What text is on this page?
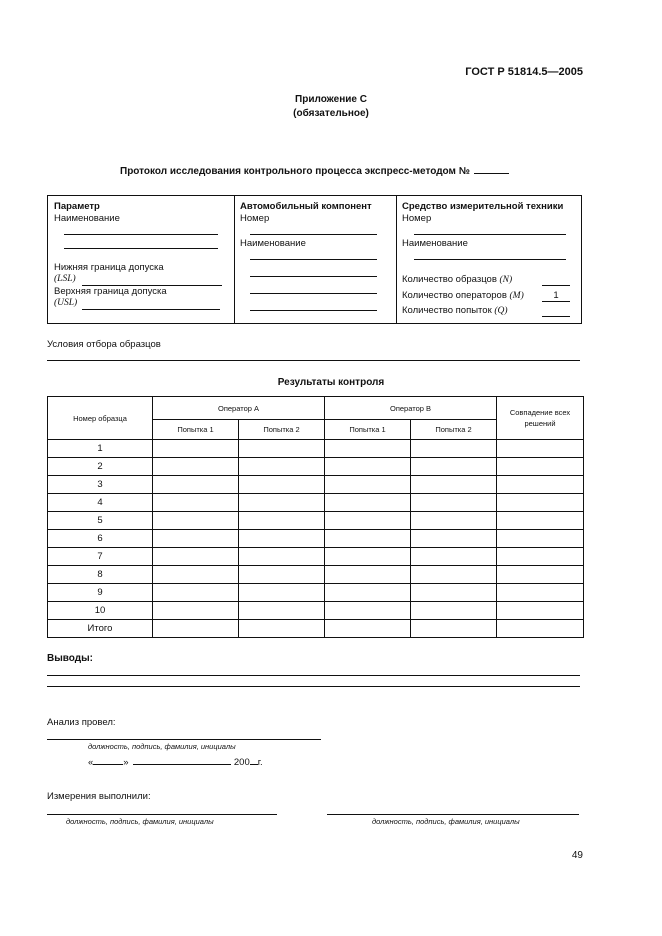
ГОСТ Р 51814.5—2005
Приложение С
(обязательное)
Протокол исследования контрольного процесса экспресс-методом №
Параметр
Наименование
Нижняя граница допуска
(LSL)
Верхняя граница допуска
(USL)
Автомобильный компонент
Номер
Наименование
Средство измерительной техники
Номер
Наименование
Количество образцов (N)
Количество операторов (M)	1
Количество попыток (Q)
Условия отбора образцов
Результаты контроля
Номер образца	Оператор А		Оператор В		Совпадение всех решений
	Попытка 1	Попытка 2	Попытка 1	Попытка 2	
1					
2					
3					
4					
5					
6					
7					
8					
9					
10					
Итого					
Выводы:
Анализ провел:
должность, подпись, фамилия, инициалы
«	»	200 г.
Измерения выполнили:
должность, подпись, фамилия, инициалы	должность, подпись, фамилия, инициалы
49
